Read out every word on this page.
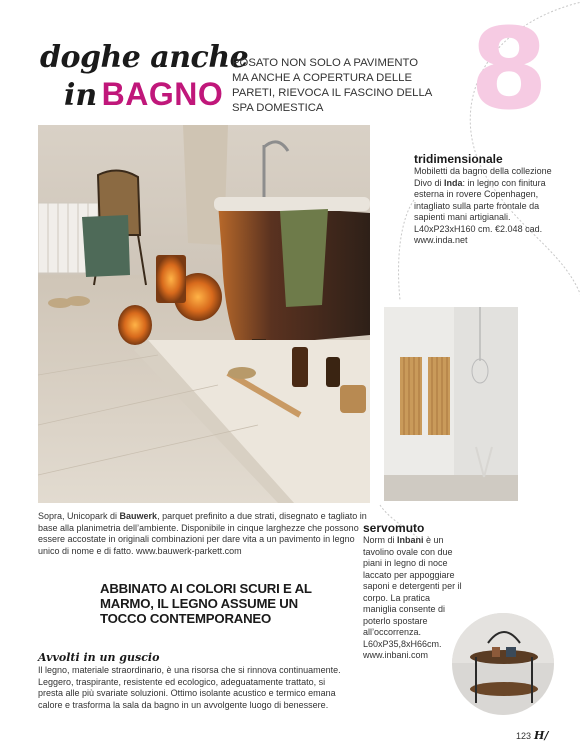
8
doghe anche
in BAGNO
POSATO NON SOLO A PAVIMENTO MA ANCHE A COPERTURA DELLE PARETI, RIEVOCA IL FASCINO DELLA SPA DOMESTICA
tridimensionale
Mobiletti da bagno della collezione Divo di Inda: in legno con finitura esterna in rovere Copenhagen, intagliato sulla parte frontale da sapienti mani artigianali. L40xP23xH160 cm. €2.048 cad. www.inda.net
Sopra, Unicopark di Bauwerk, parquet prefinito a due strati, disegnato e tagliato in base alla planimetria dell’ambiente. Disponibile in cinque larghezze che possono essere accostate in originali combinazioni per dare vita a un pavimento in legno unico di nome e di fatto. www.bauwerk-parkett.com
servomuto
Norm di Inbani è un tavolino ovale con due piani in legno di noce laccato per appoggiare saponi e detergenti per il corpo. La pratica maniglia consente di poterlo spostare all’occorrenza. L60xP35,8xH66cm. www.inbani.com
ABBINATO AI COLORI SCURI E AL MARMO, IL LEGNO ASSUME UN TOCCO CONTEMPORANEO
Avvolti in un guscio
Il legno, materiale straordinario, è una risorsa che si rinnova continuamente. Leggero, traspirante, resistente ed ecologico, adeguatamente trattato, si presta alle più svariate soluzioni. Ottimo isolante acustico e termico emana calore e trasforma la sala da bagno in un avvolgente luogo di benessere.
123 H/
